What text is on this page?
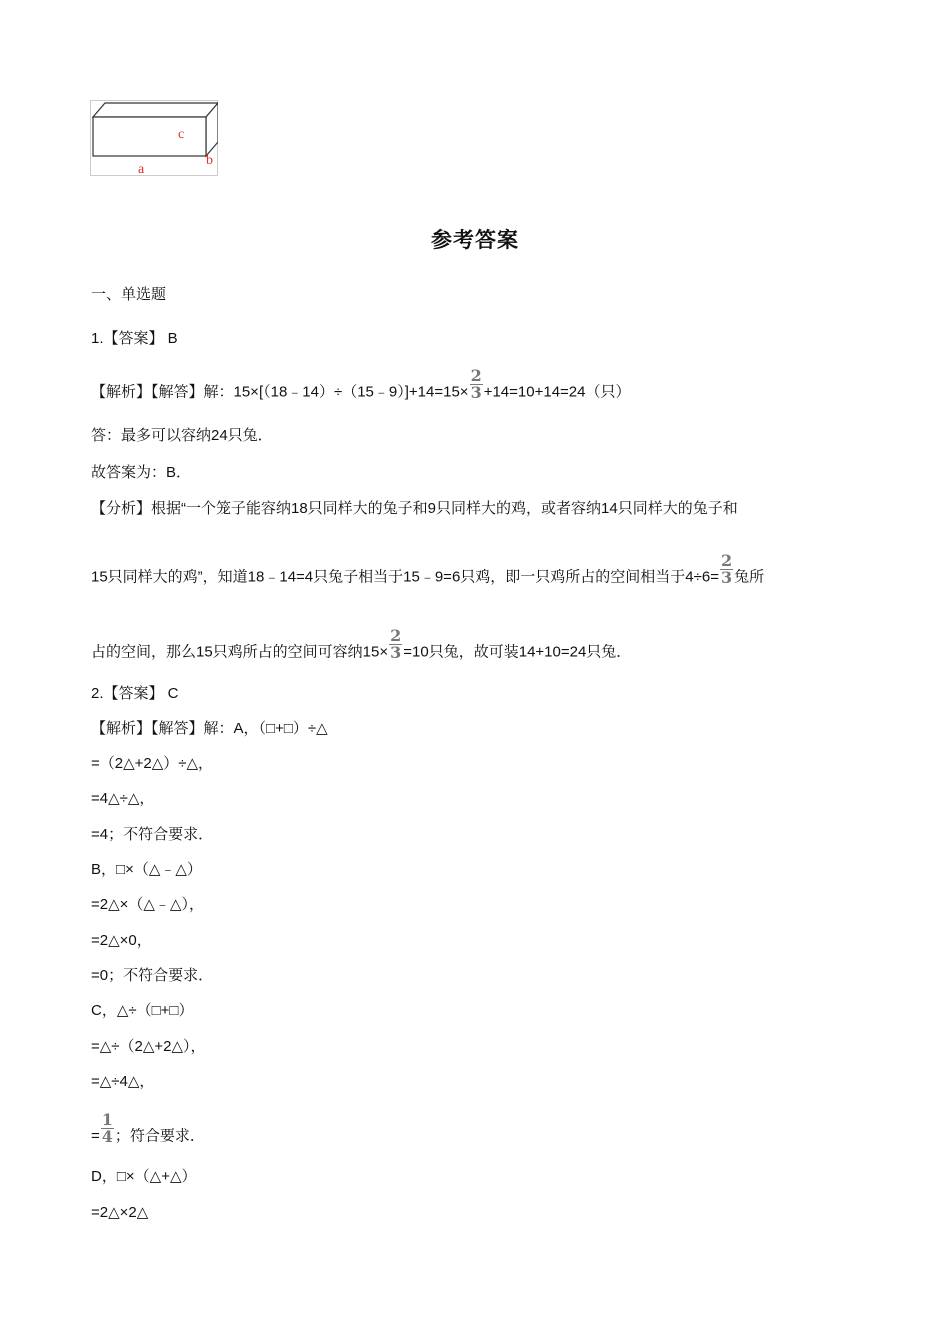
a
b
c
参考答案
一、单选题
1.【答案】 B
【解析】【解答】解：15×[（18﹣14）÷（15﹣9）]+14=15× $\frac{2}{3} +14=10+14=24$（只）
答：最多可以容纳24只兔．
故答案为：B．
【分析】根据“一个笼子能容纳18只同样大的兔子和9只同样大的鸡，或者容纳14只同样大的兔子和
15只同样大的鸡”，知道18﹣14=4只兔子相当于15﹣9=6只鸡，即一只鸡所占的空间相当于$4\div 6= \frac{2}{3}$ 兔所
占的空间，那么15只鸡所占的空间可容纳$15\times \frac{2}{3} =10$只兔，故可装14+10=24只兔．
2.【答案】 C
【解析】【解答】解：A，（□+□）÷△
=（2△+2△）÷△，
=4△÷△，
=4；不符合要求．
B，□×（△﹣△）
=2△×（△﹣△），
=2△×0，
=0；不符合要求．
C，△÷（□+□）
=△÷（2△+2△），
=△÷4△，
= $\frac{1}{4}$ ；符合要求．
D，□×（△+△）
=2△×2△
